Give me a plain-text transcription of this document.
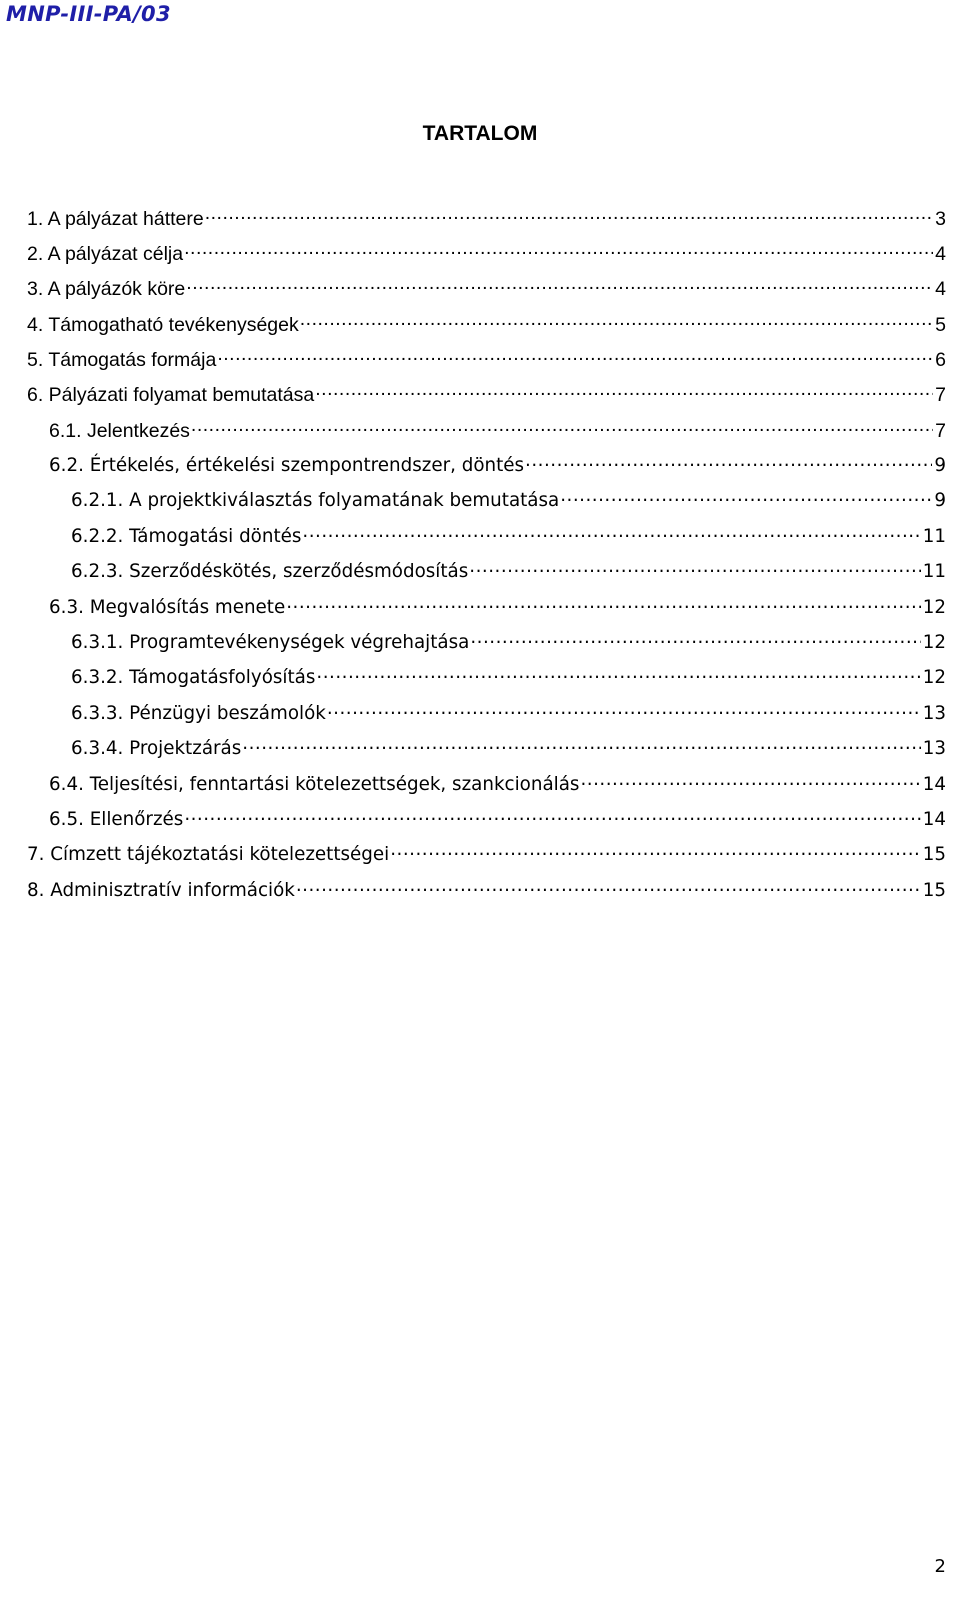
MNP-III-PA/03
TARTALOM
1. A pályázat háttere .....	3
2. A pályázat célja .....	4
3. A pályázók köre .....	4
4. Támogatható tevékenységek .....	5
5. Támogatás formája .....	6
6. Pályázati folyamat bemutatása .....	7
6.1. Jelentkezés .....	7
6.2. Értékelés, értékelési szempontrendszer, döntés .....	9
6.2.1. A projektkiválasztás folyamatának bemutatása .....	9
6.2.2. Támogatási döntés .....	11
6.2.3. Szerződéskötés, szerződésmódosítás .....	11
6.3. Megvalósítás menete .....	12
6.3.1. Programtevékenységek végrehajtása .....	12
6.3.2. Támogatásfolyósítás .....	12
6.3.3. Pénzügyi beszámolók .....	13
6.3.4. Projektzárás .....	13
6.4. Teljesítési, fenntartási kötelezettségek, szankcionálás .....	14
6.5. Ellenőrzés .....	14
7. Címzett tájékoztatási kötelezettségei .....	15
8. Adminisztratív információk .....	15
2
